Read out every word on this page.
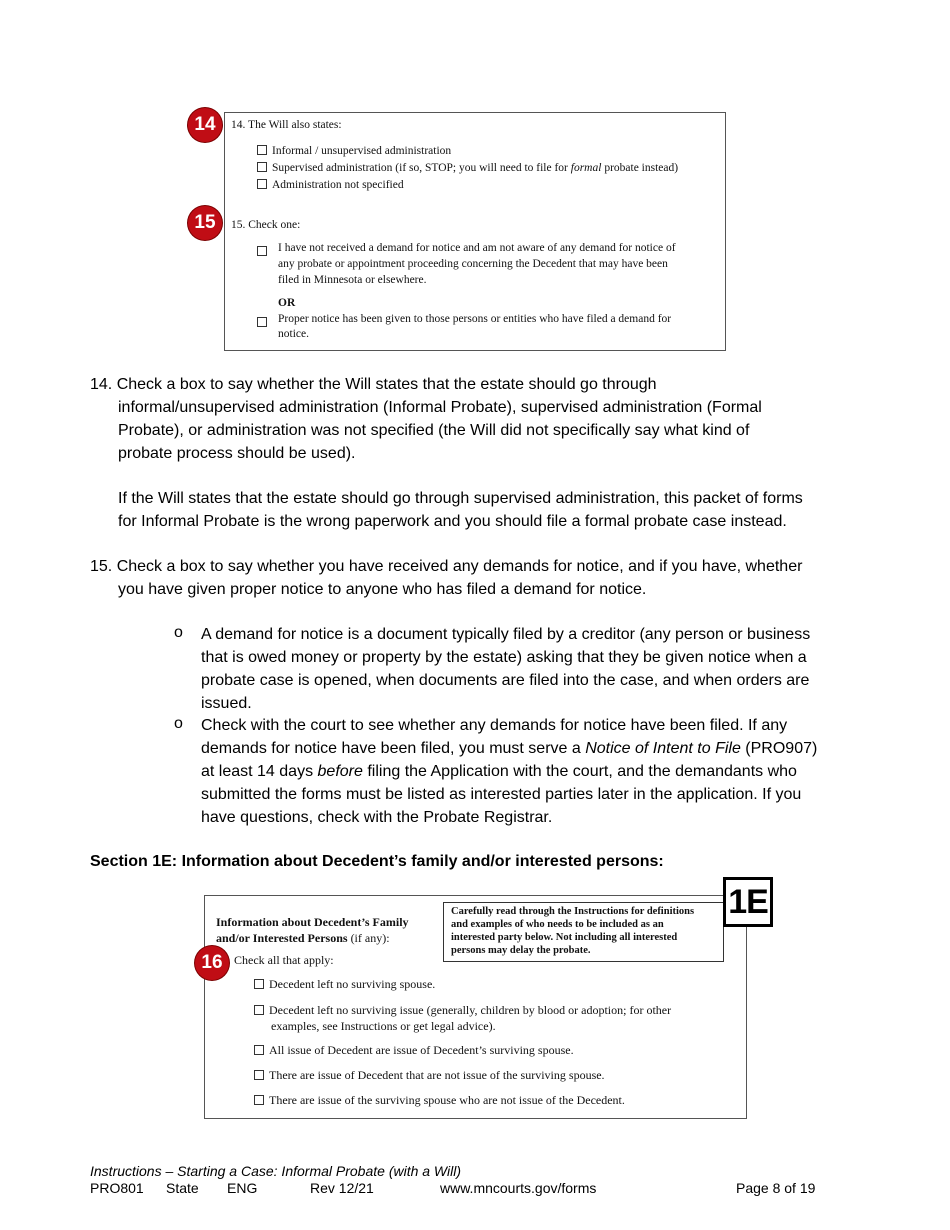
14
15
14. The Will also states:
Informal / unsupervised administration
Supervised administration (if so, STOP; you will need to file for formal probate instead)
Administration not specified
15. Check one:
I have not received a demand for notice and am not aware of any demand for notice of
any probate or appointment proceeding concerning the Decedent that may have been
filed in Minnesota or elsewhere.
OR
Proper notice has been given to those persons or entities who have filed a demand for
notice.
14. Check a box to say whether the Will states that the estate should go through
informal/unsupervised administration (Informal Probate), supervised administration (Formal
Probate), or administration was not specified (the Will did not specifically say what kind of
probate process should be used).
If the Will states that the estate should go through supervised administration, this packet of forms
for Informal Probate is the wrong paperwork and you should file a formal probate case instead.
15. Check a box to say whether you have received any demands for notice, and if you have, whether
you have given proper notice to anyone who has filed a demand for notice.
o A demand for notice is a document typically filed by a creditor (any person or business
that is owed money or property by the estate) asking that they be given notice when a
probate case is opened, when documents are filed into the case, and when orders are
issued.
o Check with the court to see whether any demands for notice have been filed. If any
demands for notice have been filed, you must serve a Notice of Intent to File (PRO907)
at least 14 days before filing the Application with the court, and the demandants who
submitted the forms must be listed as interested parties later in the application. If you
have questions, check with the Probate Registrar.
Section 1E: Information about Decedent’s family and/or interested persons:
1E
Information about Decedent’s Family
and/or Interested Persons (if any):
Carefully read through the Instructions for definitions
and examples of who needs to be included as an
interested party below. Not including all interested
persons may delay the probate.
16 Check all that apply:
Decedent left no surviving spouse.
Decedent left no surviving issue (generally, children by blood or adoption; for other
examples, see Instructions or get legal advice).
All issue of Decedent are issue of Decedent’s surviving spouse.
There are issue of Decedent that are not issue of the surviving spouse.
There are issue of the surviving spouse who are not issue of the Decedent.
Instructions – Starting a Case: Informal Probate (with a Will)
PRO801 State ENG	Rev 12/21	www.mncourts.gov/forms	Page 8 of 19
